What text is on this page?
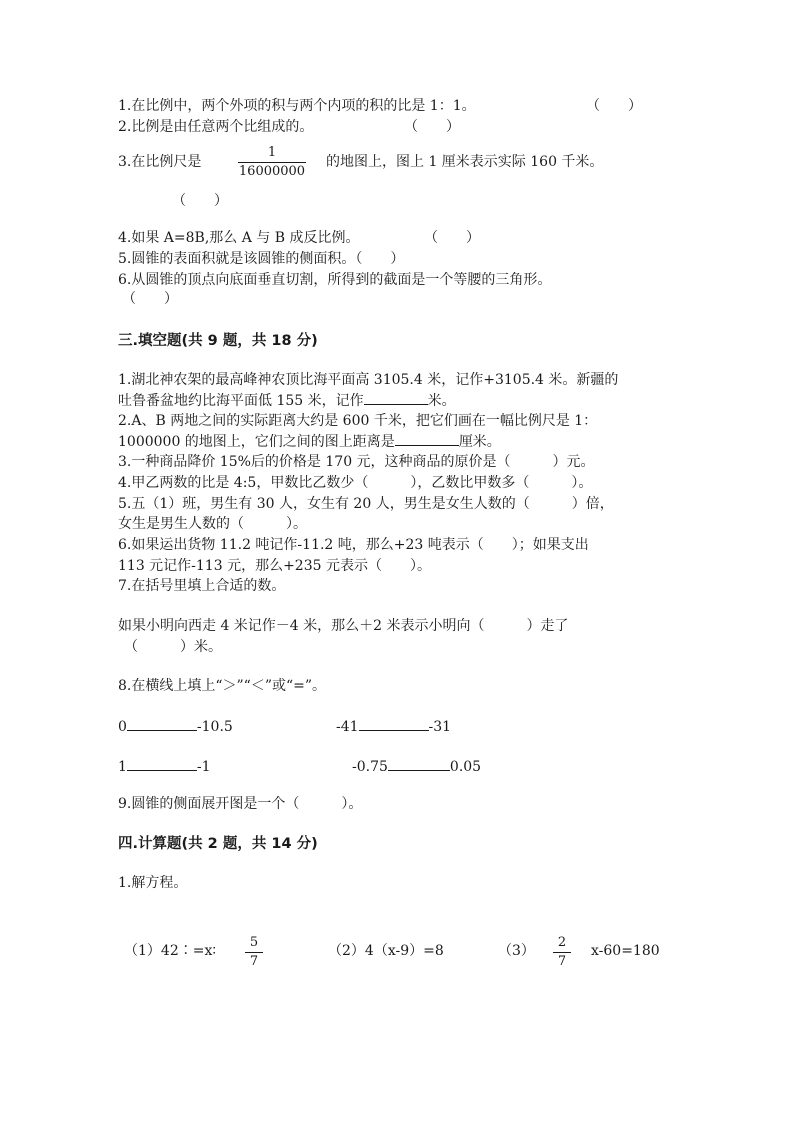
1.在比例中，两个外项的积与两个内项的积的比是 1：1。	（　　）
2.比例是由任意两个比组成的。	（　　）
3.在比例尺是
1
16000000
的地图上，图上 1 厘米表示实际 160 千米。
（　　）
4.如果 A=8B,那么 A 与 B 成反比例。	（　　）
5.圆锥的表面积就是该圆锥的侧面积。（　　）
6.从圆锥的顶点向底面垂直切割，所得到的截面是一个等腰的三角形。
（　　）
三.填空题(共 9 题，共 18 分)
1.湖北神农架的最高峰神农顶比海平面高 3105.4 米，记作+3105.4 米。新疆的
吐鲁番盆地约比海平面低 155 米，记作	米。
2.A、B 两地之间的实际距离大约是 600 千米，把它们画在一幅比例尺是 1：
1000000 的地图上，它们之间的图上距离是	厘米。
3.一种商品降价 15%后的价格是 170 元，这种商品的原价是（　　　）元。
4.甲乙两数的比是 4:5，甲数比乙数少（　　　），乙数比甲数多（　　　）。
5.五（1）班，男生有 30 人，女生有 20 人，男生是女生人数的（　　　）倍，
女生是男生人数的（　　　）。
6.如果运出货物 11.2 吨记作-11.2 吨，那么+23 吨表示（　　）；如果支出
113 元记作-113 元，那么+235 元表示（　　）。
7.在括号里填上合适的数。
如果小明向西走 4 米记作－4 米，那么＋2 米表示小明向（　　　）走了
（　　　）米。
8.在横线上填上“＞”“＜”或“=”。
0	-10.5	-41	-31
1	-1	-0.75	0.05
9.圆锥的侧面展开图是一个（　　　）。
四.计算题(共 2 题，共 14 分)
1.解方程。
（1）42∶=x∶
5
7
（2）4（x-9）=8	（3）
2
7
x-60=180
